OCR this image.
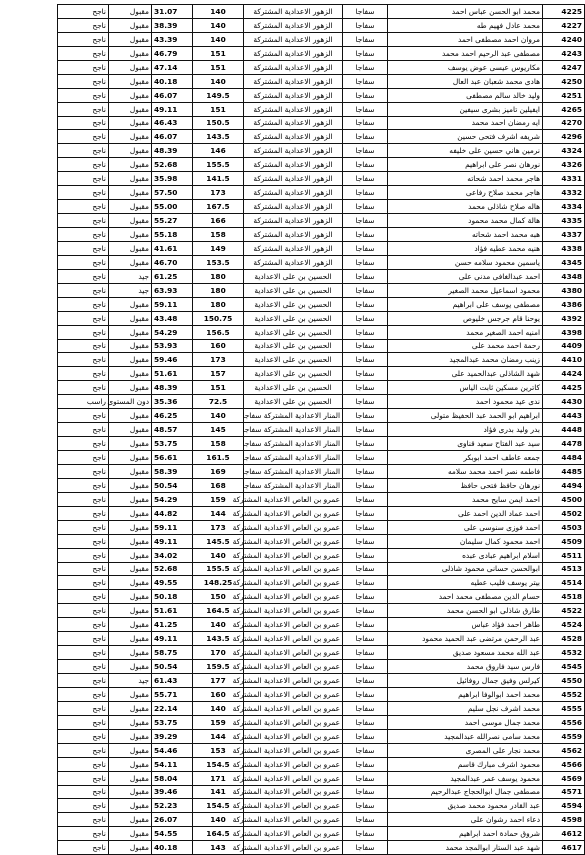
4225	محمد ابو الحسن عباس احمد	سفاجا	الزهور الاعدادية المشتركة	140	31.07	مقبول	ناجح
4227	محمد عادل فهيم طه	سفاجا	الزهور الاعدادية المشتركة	140	38.39	مقبول	ناجح
4240	مروان احمد مصطفى احمد	سفاجا	الزهور الاعدادية المشتركة	140	43.39	مقبول	ناجح
4243	مصطفى عبد الرحيم احمد محمد	سفاجا	الزهور الاعدادية المشتركة	151	46.79	مقبول	ناجح
4247	مكاريوس عيسى عوض يوسف	سفاجا	الزهور الاعدادية المشتركة	151	47.14	مقبول	ناجح
4250	هادى محمد شعبان عبد العال	سفاجا	الزهور الاعدادية المشتركة	140	40.18	مقبول	ناجح
4251	وليد خالد سالم مصطفى	سفاجا	الزهور الاعدادية المشتركة	149.5	46.07	مقبول	ناجح
4265	ايفيلين تاميز بشرى سيفين	سفاجا	الزهور الاعدادية المشتركة	151	49.11	مقبول	ناجح
4270	ايه رمضان احمد محمد	سفاجا	الزهور الاعدادية المشتركة	150.5	46.43	مقبول	ناجح
4296	شريفه اشرف فتحى حسين	سفاجا	الزهور الاعدادية المشتركة	143.5	46.07	مقبول	ناجح
4324	نرمين هاني حسين على خليفه	سفاجا	الزهور الاعدادية المشتركة	146	48.39	مقبول	ناجح
4326	نورهان نصر على ابراهيم	سفاجا	الزهور الاعدادية المشتركة	155.5	52.68	مقبول	ناجح
4331	هاجر محمد احمد شحاته	سفاجا	الزهور الاعدادية المشتركة	141.5	35.98	مقبول	ناجح
4332	هاجر محمد صلاح رفاعى	سفاجا	الزهور الاعدادية المشتركة	173	57.50	مقبول	ناجح
4334	هاله صلاح شاذلى محمد	سفاجا	الزهور الاعدادية المشتركة	167.5	55.00	مقبول	ناجح
4335	هالة كمال محمد محمود	سفاجا	الزهور الاعدادية المشتركة	166	55.27	مقبول	ناجح
4337	هبه محمد احمد شحاته	سفاجا	الزهور الاعدادية المشتركة	158	55.18	مقبول	ناجح
4338	هنيه محمد عطيه فؤاد	سفاجا	الزهور الاعدادية المشتركة	149	41.61	مقبول	ناجح
4345	ياسمين محمود سلامه حسن	سفاجا	الزهور الاعدادية المشتركة	153.5	46.70	مقبول	ناجح
4348	احمد عبدالغافى مدنى على	سفاجا	الحسين بن على الاعدادية	180	61.25	جيد	ناجح
4380	محمود اسماعيل محمد الصغير	سفاجا	الحسين بن على الاعدادية	180	63.93	جيد	ناجح
4386	مصطفى يوسف على ابراهيم	سفاجا	الحسين بن على الاعدادية	180	59.11	مقبول	ناجح
4392	يوحنا قام جرجس خليوص	سفاجا	الحسين بن على الاعدادية	150.75	43.48	مقبول	ناجح
4398	امنيه احمد الصغير محمد	سفاجا	الحسين بن على الاعدادية	156.5	54.29	مقبول	ناجح
4409	رحمة احمد محمد على	سفاجا	الحسين بن على الاعدادية	160	53.93	مقبول	ناجح
4410	زينب رمضان محمد عبدالمجيد	سفاجا	الحسين بن على الاعدادية	173	59.46	مقبول	ناجح
4424	شهد الشاذلى عبدالحميد على	سفاجا	الحسين بن على الاعدادية	157	51.61	مقبول	ناجح
4425	كاترين مسكين ثابت الياس	سفاجا	الحسين بن على الاعدادية	151	48.39	مقبول	ناجح
4430	ندى عيد محمود احمد	سفاجا	الحسين بن على الاعدادية	72.5	35.36	دون المستوى	راسب
4443	ابراهيم ابو الحمد عبد الحفيظ متولى	سفاجا	المنار الاعدادية المشتركة سفاجا	140	46.25	مقبول	ناجح
4448	بدر وليد بدرى فؤاد	سفاجا	المنار الاعدادية المشتركة سفاجا	145	48.57	مقبول	ناجح
4478	سيد عبد الفتاح سعيد قناوى	سفاجا	المنار الاعدادية المشتركة سفاجا	158	53.75	مقبول	ناجح
4484	جمعه عاطف احمد ابوبكر	سفاجا	المنار الاعدادية المشتركة سفاجا	161.5	56.61	مقبول	ناجح
4485	فاطمه نصر احمد محمد سلامه	سفاجا	المنار الاعدادية المشتركة سفاجا	169	58.39	مقبول	ناجح
4494	نورهان حافظ فتحى حافظ	سفاجا	المنار الاعدادية المشتركة سفاجا	168	50.54	مقبول	ناجح
4500	احمد ايمن سايح محمد	سفاجا	عمرو بن العاص الاعدادية المشتركة	159	54.29	مقبول	ناجح
4502	احمد عماد الدين احمد على	سفاجا	عمرو بن العاص الاعدادية المشتركة	144	44.82	مقبول	ناجح
4503	احمد فوزى سنوسى على	سفاجا	عمرو بن العاص الاعدادية المشتركة	173	59.11	مقبول	ناجح
4509	احمد محمود كمال سليمان	سفاجا	عمرو بن العاص الاعدادية المشتركة	145.5	49.11	مقبول	ناجح
4511	اسلام ابراهيم عبادى عبده	سفاجا	عمرو بن العاص الاعدادية المشتركة	140	34.02	مقبول	ناجح
4513	ابوالحسن حسانى محمود شاذلى	سفاجا	عمرو بن العاص الاعدادية المشتركة	155.5	52.68	مقبول	ناجح
4514	بيتر يوسف فليب عطيه	سفاجا	عمرو بن العاص الاعدادية المشتركة	148.25	49.55	مقبول	ناجح
4518	حسام الدين مصطفى محمد احمد	سفاجا	عمرو بن العاص الاعدادية المشتركة	150	50.18	مقبول	ناجح
4522	طارق شاذلى ابو الحسن محمد	سفاجا	عمرو بن العاص الاعدادية المشتركة	164.5	51.61	مقبول	ناجح
4524	طاهر احمد فؤاد عباس	سفاجا	عمرو بن العاص الاعدادية المشتركة	140	41.25	مقبول	ناجح
4528	عبد الرحمن مرتضى عبد الحميد محمود	سفاجا	عمرو بن العاص الاعدادية المشتركة	143.5	49.11	مقبول	ناجح
4532	عبد الله محمد مسعود صديق	سفاجا	عمرو بن العاص الاعدادية المشتركة	170	58.75	مقبول	ناجح
4545	فارس سيد فاروق محمد	سفاجا	عمرو بن العاص الاعدادية المشتركة	159.5	50.54	مقبول	ناجح
4550	كيرلس وفيق جمال روفائيل	سفاجا	عمرو بن العاص الاعدادية المشتركة	177	61.43	جيد	ناجح
4552	محمد احمد ابوالوفا ابراهيم	سفاجا	عمرو بن العاص الاعدادية المشتركة	160	55.71	مقبول	ناجح
4555	محمد اشرف نجل سليم	سفاجا	عمرو بن العاص الاعدادية المشتركة	140	22.14	مقبول	ناجح
4556	محمد جمال موسى احمد	سفاجا	عمرو بن العاص الاعدادية المشتركة	159	53.75	مقبول	ناجح
4559	محمد سامى نصرالله عبدالمجيد	سفاجا	عمرو بن العاص الاعدادية المشتركة	144	39.29	مقبول	ناجح
4562	محمد نجار على المصرى	سفاجا	عمرو بن العاص الاعدادية المشتركة	153	54.46	مقبول	ناجح
4566	محمود اشرف مبارك قاسم	سفاجا	عمرو بن العاص الاعدادية المشتركة	154.5	54.11	مقبول	ناجح
4569	محمود يوسف عمر عبدالمجيد	سفاجا	عمرو بن العاص الاعدادية المشتركة	171	58.04	مقبول	ناجح
4571	مصطفى جمال ابوالحجاج عبدالرحيم	سفاجا	عمرو بن العاص الاعدادية المشتركة	141	39.46	مقبول	ناجح
4594	عبد القادر محمود محمد صديق	سفاجا	عمرو بن العاص الاعدادية المشتركة	154.5	52.23	مقبول	ناجح
4598	دعاء احمد رشوان على	سفاجا	عمرو بن العاص الاعدادية المشتركة	140	26.07	مقبول	ناجح
4612	شروق حمادة احمد ابراهيم	سفاجا	عمرو بن العاص الاعدادية المشتركة	164.5	54.55	مقبول	ناجح
4617	شهد عبد الستار ابوالمجد محمد	سفاجا	عمرو بن العاص الاعدادية المشتركة	143	40.18	مقبول	ناجح
